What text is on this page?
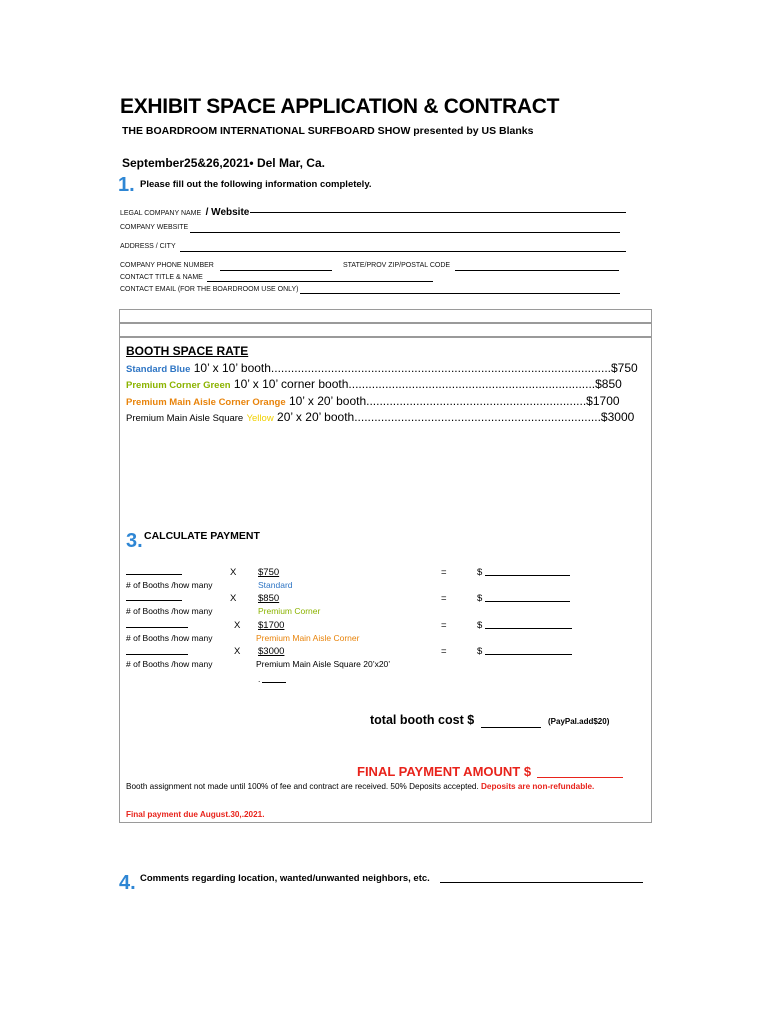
EXHIBIT SPACE APPLICATION & CONTRACT
THE BOARDROOM INTERNATIONAL SURFBOARD SHOW presented by US Blanks
September25&26,2021• Del Mar, Ca.
1. Please fill out the following information completely.
LEGAL COMPANY NAME / Website
COMPANY WEBSITE
ADDRESS / CITY
COMPANY PHONE NUMBER	STATE/PROV ZIP/POSTAL CODE
CONTACT TITLE & NAME
CONTACT EMAIL (FOR THE BOARDROOM USE ONLY)
BOOTH SPACE RATE
Standard Blue 10’ x 10’ booth......................................................................................................$750
Premium Corner Green 10’ x 10’ corner booth..........................................................................$850
Premium Main Aisle Corner Orange 10’ x 20’ booth..................................................................$1700
Premium Main Aisle Square Yellow 20’ x 20’ booth..........................................................................$3000
3. CALCULATE PAYMENT
X $750	=	$
# of Booths /how many	Standard
X $850	=	$
# of Booths /how many	Premium Corner
X $1700	=	$
# of Booths /how many	Premium Main Aisle Corner
X $3000	=	$
# of Booths /how many	Premium Main Aisle Square 20’x20’
.
total booth cost $	(PayPal.add$20)
FINAL PAYMENT AMOUNT $
Booth assignment not made until 100% of fee and contract are received. 50% Deposits accepted. Deposits are non-refundable.
Final payment due August.30,.2021.
4. Comments regarding location, wanted/unwanted neighbors, etc.
